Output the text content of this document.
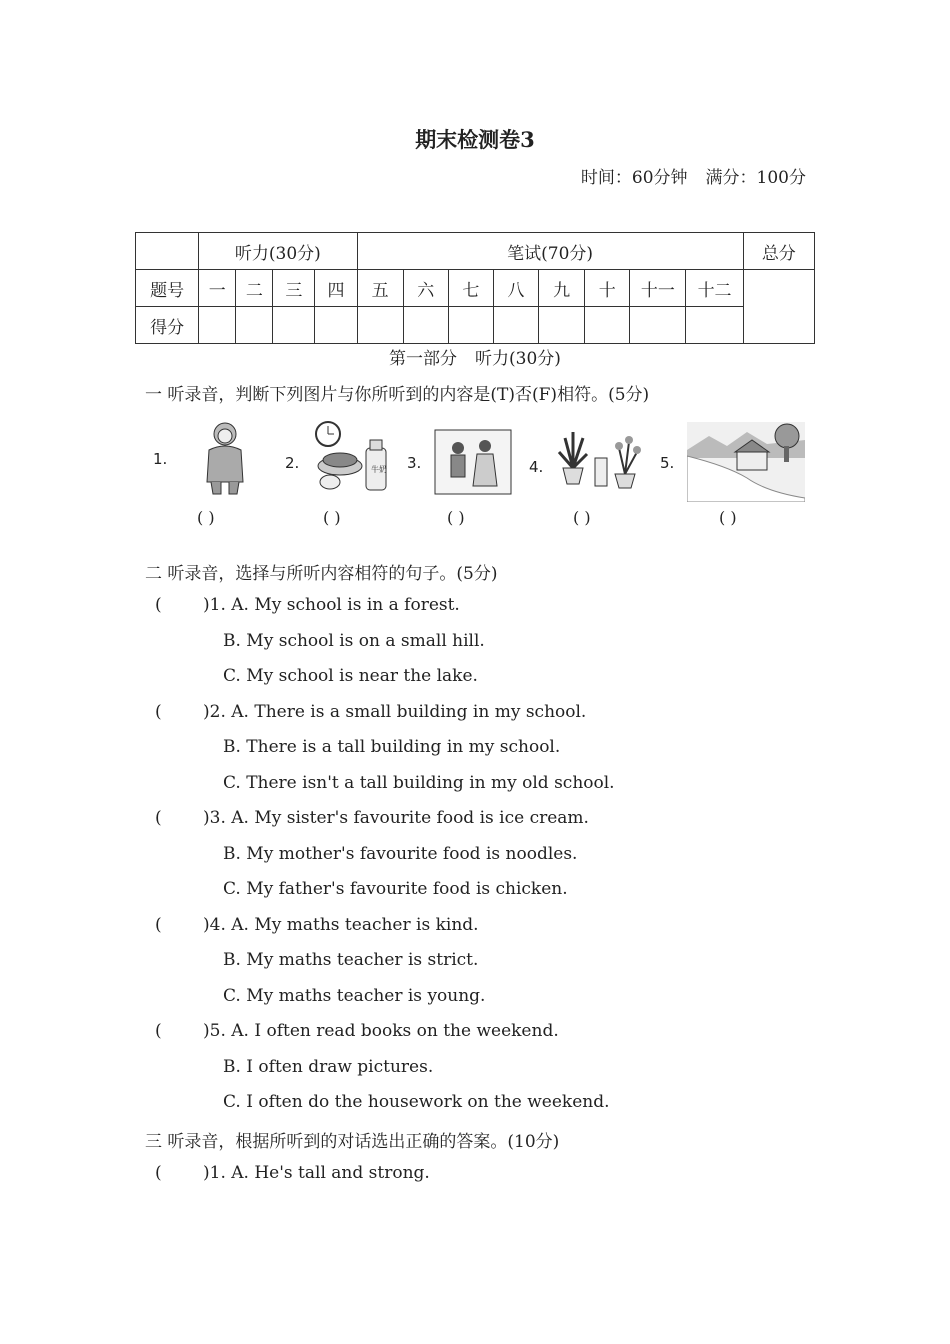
期末检测卷3
时间：60分钟 满分：100分
	听力(30分)				笔试(70分)								总分
题号	一	二	三	四	五	六	七	八	九	十	十一	十二	
得分													
第一部分 听力(30分)
一 听录音，判断下列图片与你所听到的内容是(T)否(F)相符。(5分)
1.
( )
2.	牛奶
( )
3.
( )
4.
( )
5.
( )
二 听录音，选择与所听内容相符的句子。(5分)
( )1. A. My school is in a forest.
B. My school is on a small hill.
C. My school is near the lake.
( )2. A. There is a small building in my school.
B. There is a tall building in my school.
C. There isn't a tall building in my old school.
( )3. A. My sister's favourite food is ice cream.
B. My mother's favourite food is noodles.
C. My father's favourite food is chicken.
( )4. A. My maths teacher is kind.
B. My maths teacher is strict.
C. My maths teacher is young.
( )5. A. I often read books on the weekend.
B. I often draw pictures.
C. I often do the housework on the weekend.
三 听录音，根据所听到的对话选出正确的答案。(10分)
( )1. A. He's tall and strong.
